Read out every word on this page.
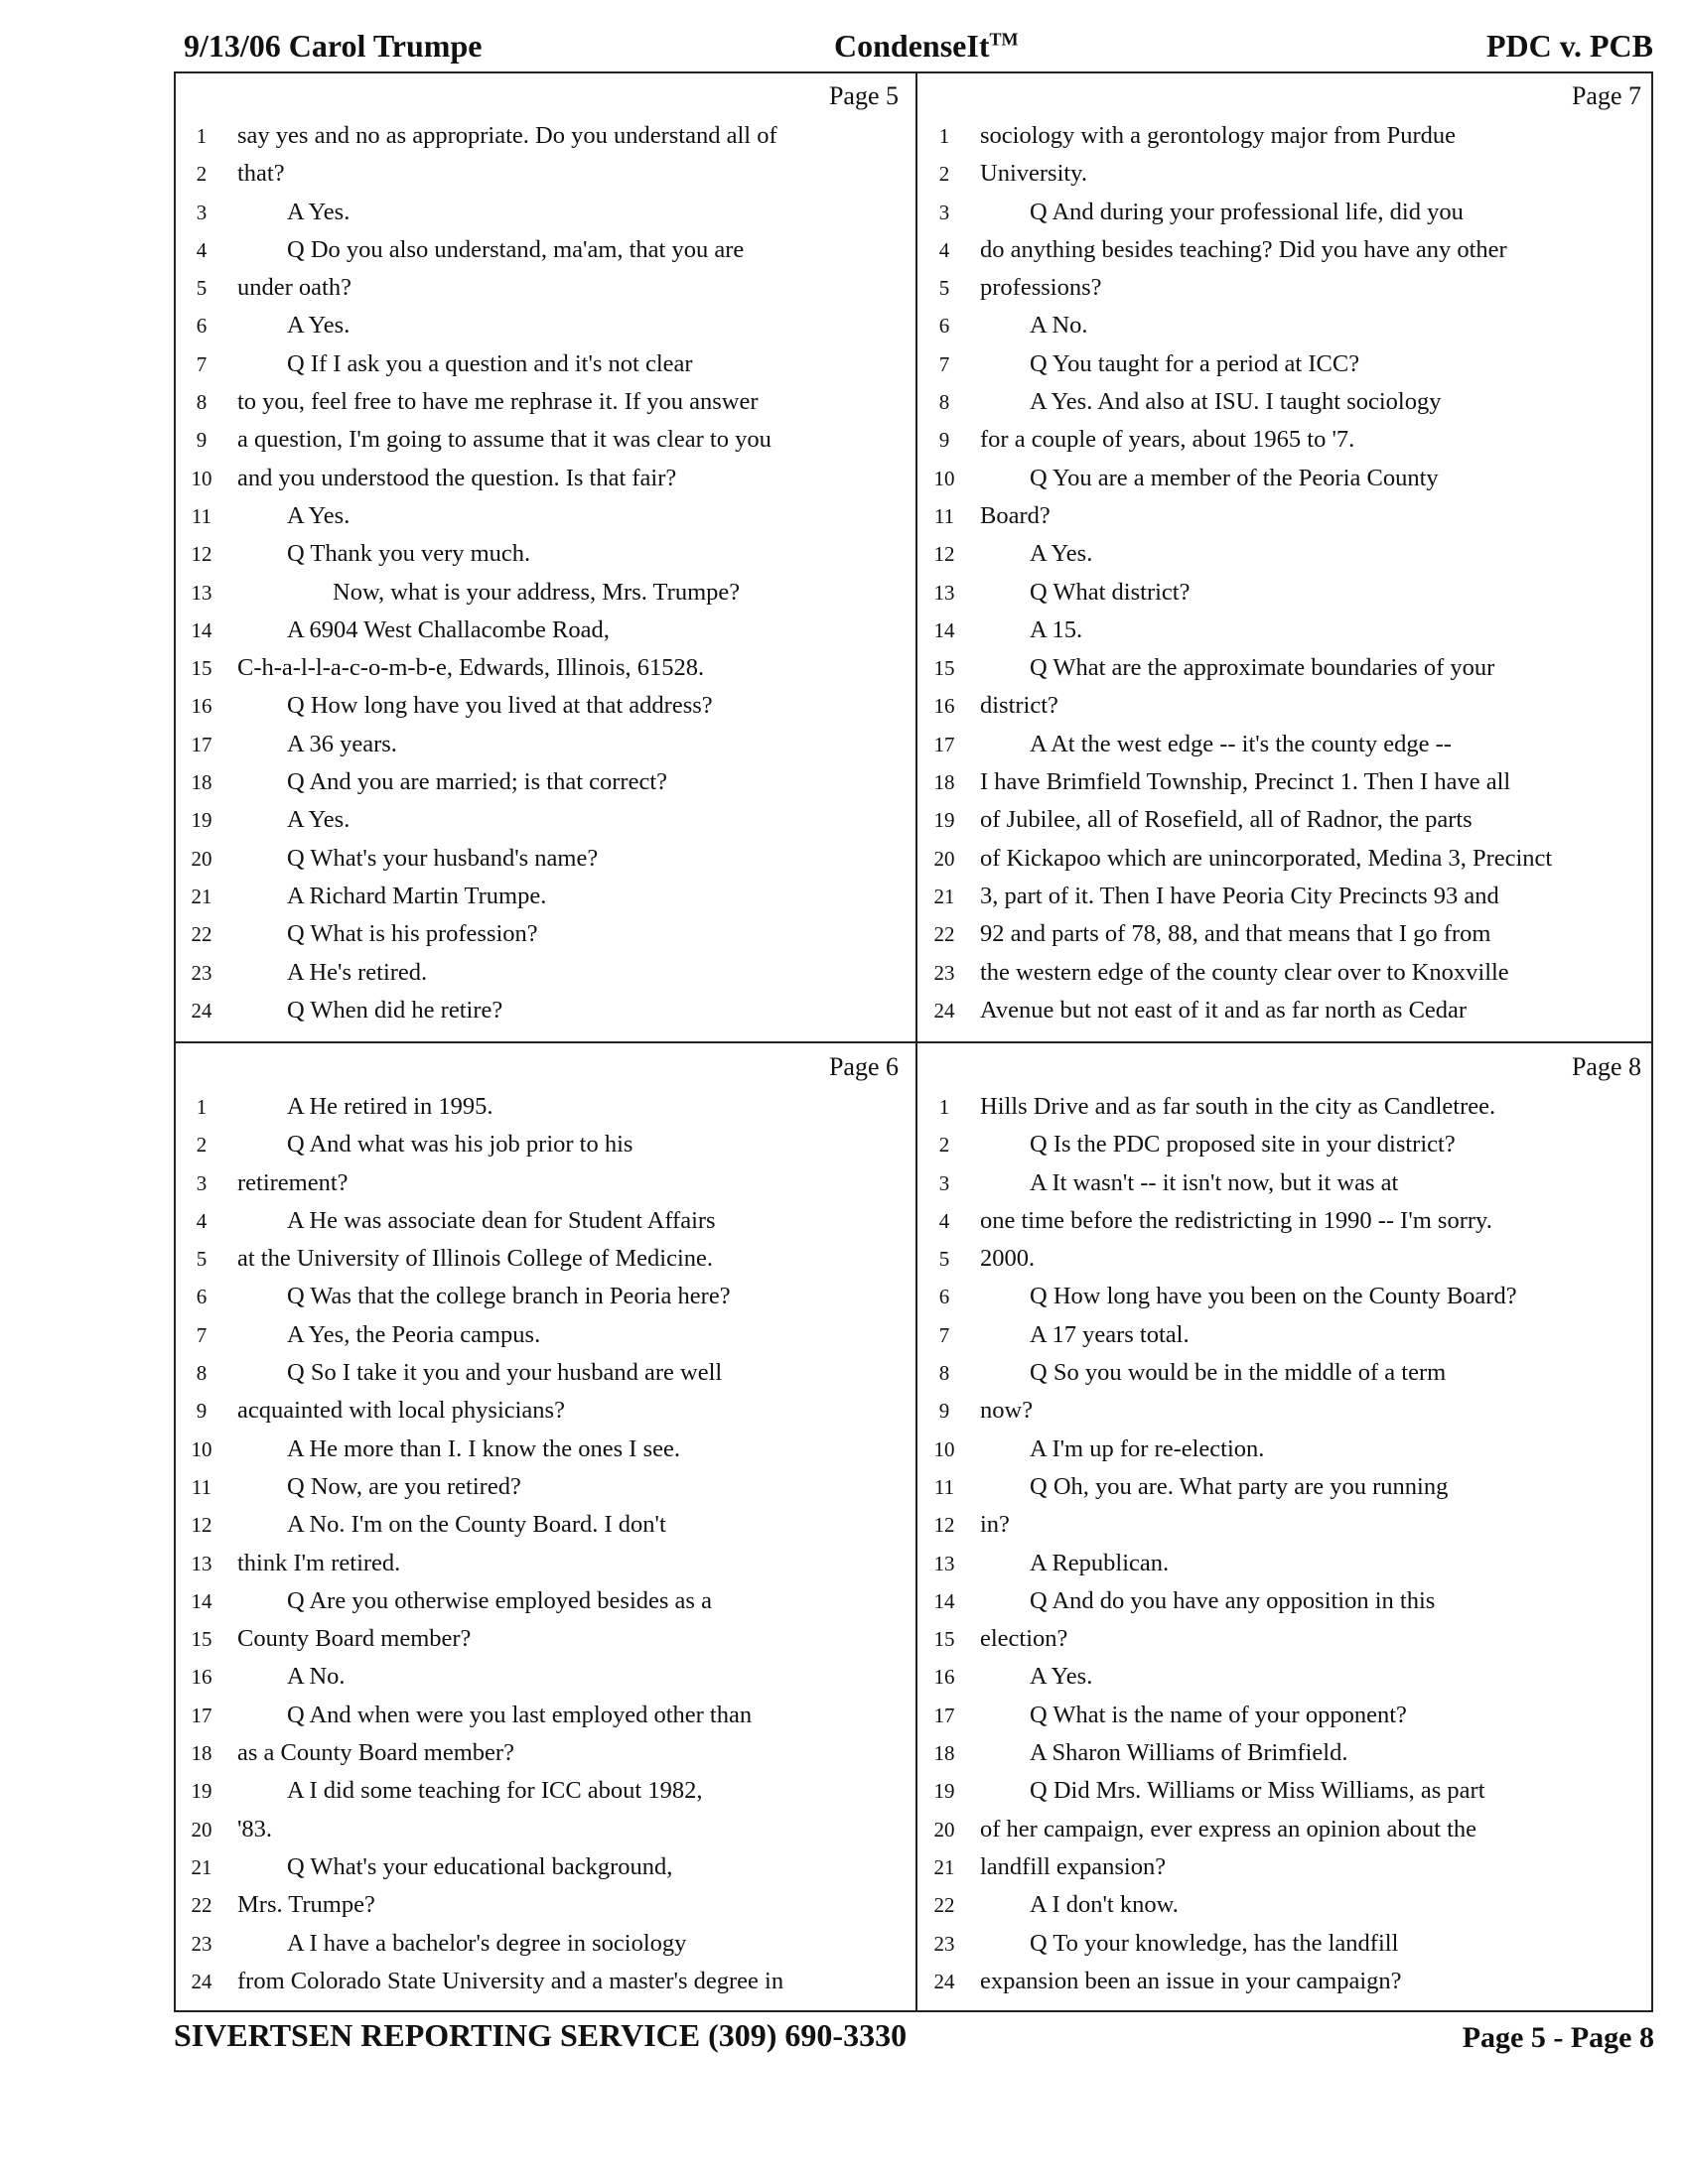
9/13/06 Carol Trumpe	CondenseIt™	PDC v. PCB
Page 5
1	say yes and no as appropriate. Do you understand all of
2	that?
3	A Yes.
4	Q Do you also understand, ma'am, that you are
5	under oath?
6	A Yes.
7	Q If I ask you a question and it's not clear
8	to you, feel free to have me rephrase it. If you answer
9	a question, I'm going to assume that it was clear to you
10	and you understood the question. Is that fair?
11	A Yes.
12	Q Thank you very much.
13	Now, what is your address, Mrs. Trumpe?
14	A 6904 West Challacombe Road,
15	C-h-a-l-l-a-c-o-m-b-e, Edwards, Illinois, 61528.
16	Q How long have you lived at that address?
17	A 36 years.
18	Q And you are married; is that correct?
19	A Yes.
20	Q What's your husband's name?
21	A Richard Martin Trumpe.
22	Q What is his profession?
23	A He's retired.
24	Q When did he retire?
Page 7
1	sociology with a gerontology major from Purdue
2	University.
3	Q And during your professional life, did you
4	do anything besides teaching? Did you have any other
5	professions?
6	A No.
7	Q You taught for a period at ICC?
8	A Yes. And also at ISU. I taught sociology
9	for a couple of years, about 1965 to '7.
10	Q You are a member of the Peoria County
11	Board?
12	A Yes.
13	Q What district?
14	A 15.
15	Q What are the approximate boundaries of your
16	district?
17	A At the west edge -- it's the county edge --
18	I have Brimfield Township, Precinct 1. Then I have all
19	of Jubilee, all of Rosefield, all of Radnor, the parts
20	of Kickapoo which are unincorporated, Medina 3, Precinct
21	3, part of it. Then I have Peoria City Precincts 93 and
22	92 and parts of 78, 88, and that means that I go from
23	the western edge of the county clear over to Knoxville
24	Avenue but not east of it and as far north as Cedar
Page 6
1	A He retired in 1995.
2	Q And what was his job prior to his
3	retirement?
4	A He was associate dean for Student Affairs
5	at the University of Illinois College of Medicine.
6	Q Was that the college branch in Peoria here?
7	A Yes, the Peoria campus.
8	Q So I take it you and your husband are well
9	acquainted with local physicians?
10	A He more than I. I know the ones I see.
11	Q Now, are you retired?
12	A No. I'm on the County Board. I don't
13	think I'm retired.
14	Q Are you otherwise employed besides as a
15	County Board member?
16	A No.
17	Q And when were you last employed other than
18	as a County Board member?
19	A I did some teaching for ICC about 1982,
20	'83.
21	Q What's your educational background,
22	Mrs. Trumpe?
23	A I have a bachelor's degree in sociology
24	from Colorado State University and a master's degree in
Page 8
1	Hills Drive and as far south in the city as Candletree.
2	Q Is the PDC proposed site in your district?
3	A It wasn't -- it isn't now, but it was at
4	one time before the redistricting in 1990 -- I'm sorry.
5	2000.
6	Q How long have you been on the County Board?
7	A 17 years total.
8	Q So you would be in the middle of a term
9	now?
10	A I'm up for re-election.
11	Q Oh, you are. What party are you running
12	in?
13	A Republican.
14	Q And do you have any opposition in this
15	election?
16	A Yes.
17	Q What is the name of your opponent?
18	A Sharon Williams of Brimfield.
19	Q Did Mrs. Williams or Miss Williams, as part
20	of her campaign, ever express an opinion about the
21	landfill expansion?
22	A I don't know.
23	Q To your knowledge, has the landfill
24	expansion been an issue in your campaign?
SIVERTSEN REPORTING SERVICE (309) 690-3330	Page 5 - Page 8
